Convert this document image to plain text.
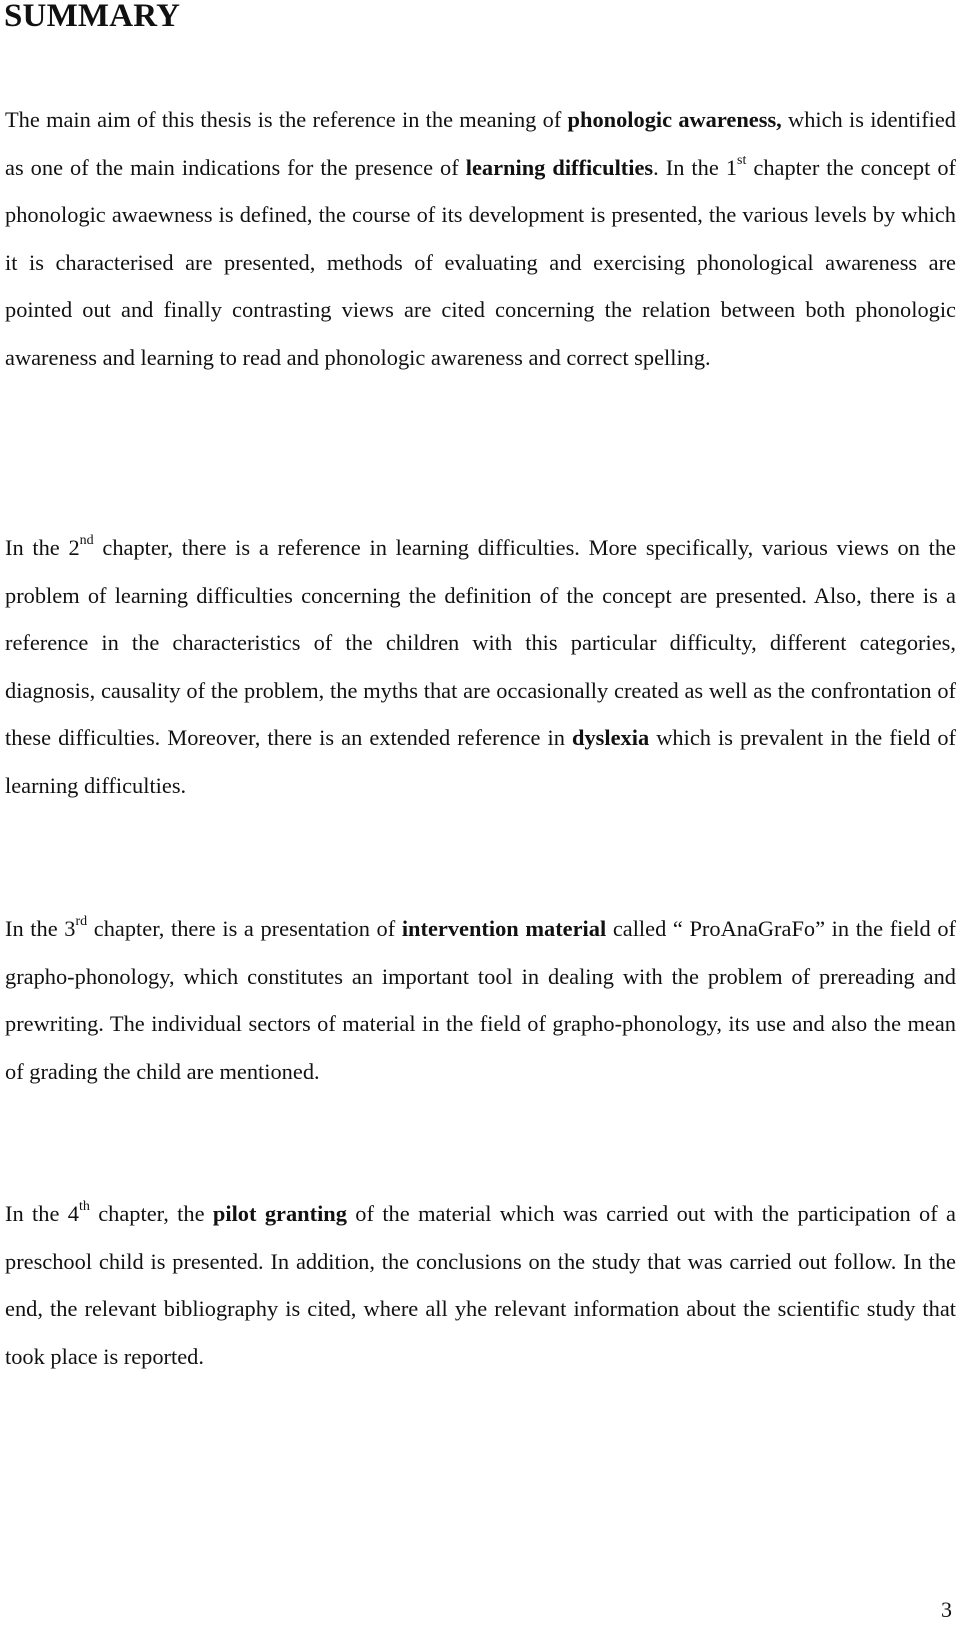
SUMMARY

The main aim of this thesis is the reference in the meaning of phonologic awareness, which is identified as one of the main indications for the presence of learning difficulties. In the 1st chapter the concept of phonologic awaewness is defined, the course of its development is presented, the various levels by which it is characterised are presented, methods of evaluating and exercising phonological awareness are pointed out and finally contrasting views are cited concerning the relation between both phonologic awareness and learning to read and phonologic awareness and correct spelling.

In the 2nd chapter, there is a reference in learning difficulties. More specifically, various views on the problem of learning difficulties concerning the definition of the concept are presented. Also, there is a reference in the characteristics of the children with this particular difficulty, different categories, diagnosis, causality of the problem, the myths that are occasionally created as well as the confrontation of these difficulties. Moreover, there is an extended reference in dyslexia which is prevalent in the field of learning difficulties.

In the 3rd chapter, there is a presentation of intervention material called “ ProAnaGraFo” in the field of grapho-phonology, which constitutes an important tool in dealing with the problem of prereading and prewriting. The individual sectors of material in the field of grapho-phonology, its use and also the mean of grading the child are mentioned.

In the 4th chapter, the pilot granting of the material which was carried out with the participation of a preschool child is presented. In addition, the conclusions on the study that was carried out follow. In the end, the relevant bibliography is cited, where all yhe relevant information about the scientific study that took place is reported.

3
